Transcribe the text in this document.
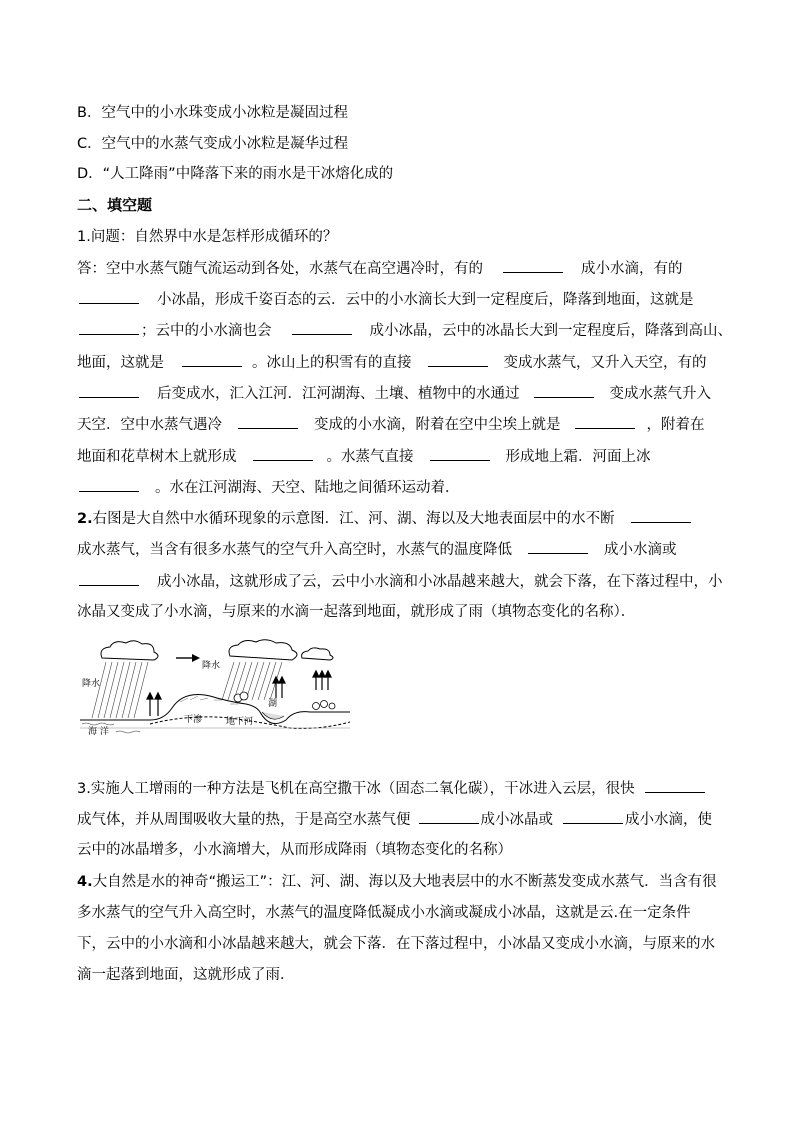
B．空气中的小水珠变成小冰粒是凝固过程
C．空气中的水蒸气变成小冰粒是凝华过程
D．“人工降雨”中降落下来的雨水是干冰熔化成的
二、填空题
1.问题：自然界中水是怎样形成循环的？
答：空中水蒸气随气流运动到各处，水蒸气在高空遇冷时，有的	成小水滴，有的
小冰晶，形成千姿百态的云．云中的小水滴长大到一定程度后，降落到地面，这就是
；云中的小水滴也会	成小冰晶，云中的冰晶长大到一定程度后，降落到高山、
地面，这就是	。冰山上的积雪有的直接	变成水蒸气，又升入天空，有的
后变成水，汇入江河．江河湖海、土壤、植物中的水通过	变成水蒸气升入
天空．空中水蒸气遇冷	变成的小水滴，附着在空中尘埃上就是	，附着在
地面和花草树木上就形成	。水蒸气直接	形成地上霜．河面上冰
。水在江河湖海、天空、陆地之间循环运动着．
2.右图是大自然中水循环现象的示意图．江、河、湖、海以及大地表面层中的水不断
成水蒸气，当含有很多水蒸气的空气升入高空时，水蒸气的温度降低	成小水滴或
成小冰晶，这就形成了云，云中小水滴和小冰晶越来越大，就会下落，在下落过程中，小
冰晶又变成了小水滴，与原来的水滴一起落到地面，就形成了雨（填物态变化的名称）．
降水
降水
海 洋
下渗	地下河
湖
3.实施人工增雨的一种方法是飞机在高空撒干冰（固态二氧化碳），干冰进入云层，很快
成气体，并从周围吸收大量的热，于是高空水蒸气便	成小冰晶或	成小水滴，使
云中的冰晶增多，小水滴增大，从而形成降雨（填物态变化的名称）
4.大自然是水的神奇“搬运工”：江、河、湖、海以及大地表层中的水不断蒸发变成水蒸气．当含有很
多水蒸气的空气升入高空时，水蒸气的温度降低凝成小水滴或凝成小冰晶，这就是云.在一定条件
下，云中的小水滴和小冰晶越来越大，就会下落．在下落过程中，小冰晶又变成小水滴，与原来的水
滴一起落到地面，这就形成了雨．
